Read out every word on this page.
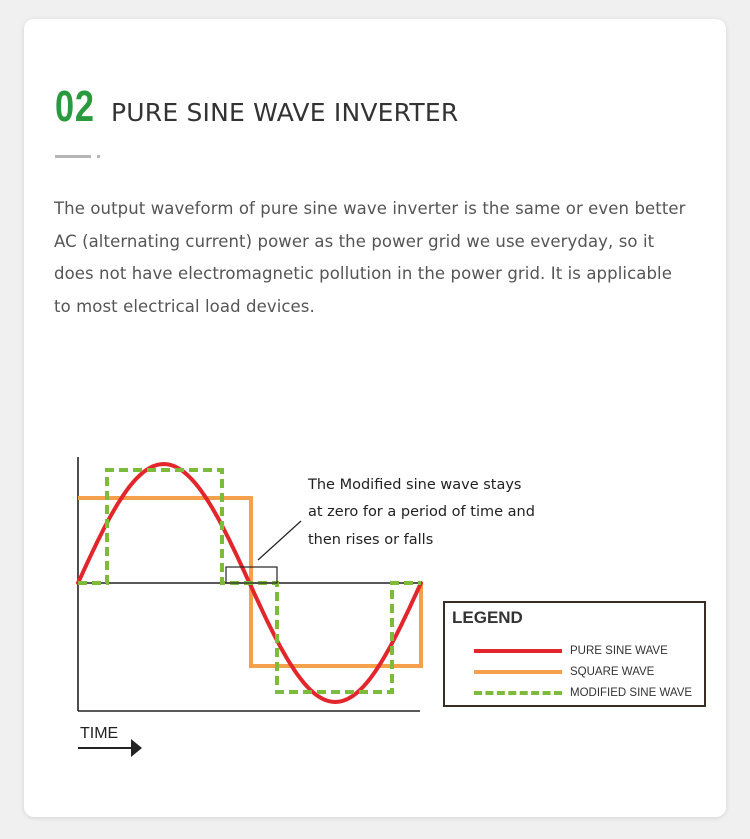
02 PURE SINE WAVE INVERTER
The output waveform of pure sine wave inverter is the same or even better AC (alternating current) power as the power grid we use everyday, so it does not have electromagnetic pollution in the power grid. It is applicable to most electrical load devices.
The Modified sine wave stays
at zero for a period of time and
then rises or falls
TIME
LEGEND
PURE SINE WAVE
SQUARE WAVE
MODIFIED SINE WAVE
